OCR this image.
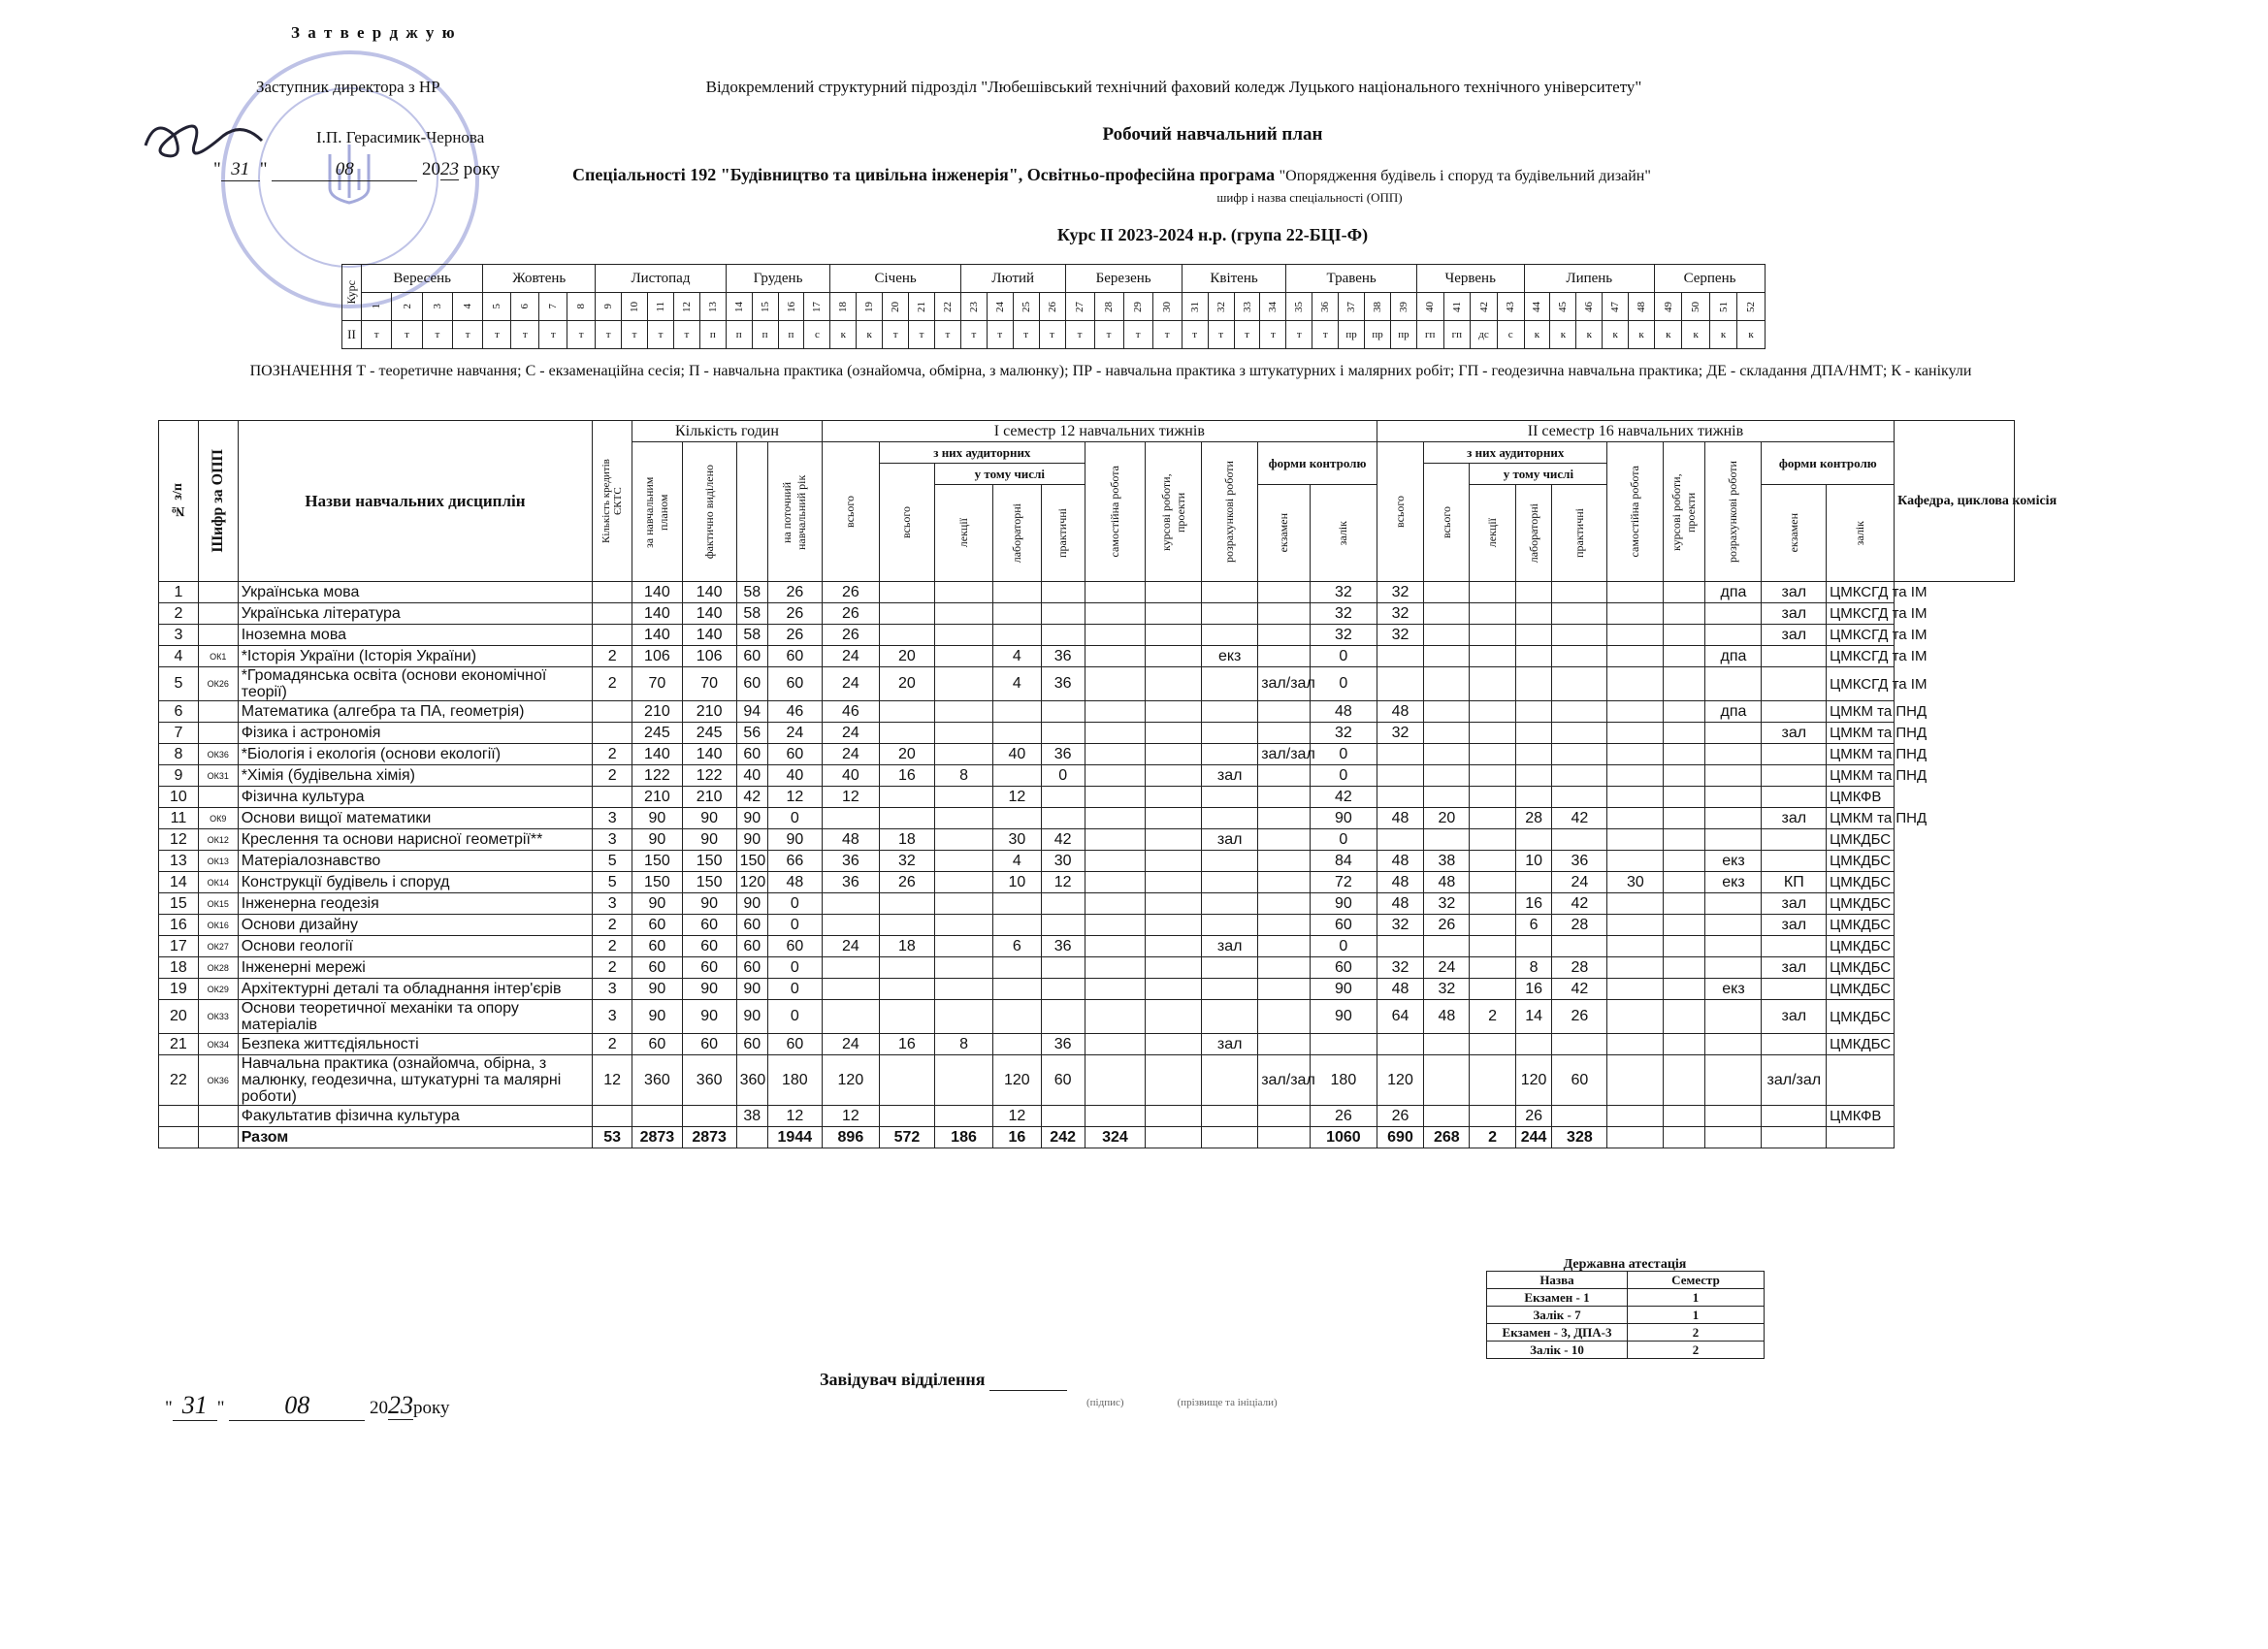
З а т в е р д ж у ю
Заступник директора з НР
І.П. Герасимик-Чернова
" 31 "	08	2023 року
Відокремлений структурний підрозділ "Любешівський технічний фаховий коледж Луцького національного технічного університету"
Робочий навчальний план
Спеціальності 192 "Будівництво та цивільна інженерія", Освітньо-професійна програма "Опорядження будівель і споруд та будівельний дизайн"
шифр і назва спеціальності (ОПП)
Курс ІІ 2023-2024 н.р. (група 22-БЦІ-Ф)
Курс	Вересень				Жовтень				Листопад					Грудень				Січень					Лютий				Березень				Квітень				Травень					Червень				Липень					Серпень			

	1	2	3	4	5	6	7	8	9	10	11	12	13	14	15	16	17	18	19	20	21	22	23	24	25	26	27	28	29	30	31	32	33	34	35	36	37	38	39	40	41	42	43	44	45	46	47	48	49	50	51	52

ІІ	т	т	т	т	т	т	т	т	т	т	т	т	п	п	п	п	с	к	к	т	т	т	т	т	т	т	т	т	т	т	т	т	т	т	т	т	пр	пр	пр	гп	гп	дс	с	к	к	к	к	к	к	к	к	к
ПОЗНАЧЕННЯ Т - теоретичне навчання; С - екзаменаційна сесія; П - навчальна практика (ознайомча, обмірна, з малюнку); ПР - навчальна практика з штукатурних і малярних робіт; ГП - геодезична навчальна практика; ДЕ - складання ДПА/НМТ; К - канікули
№ з/п	Шифр за ОПП	Назви навчальних дисциплін	Кількість кредитів ЄКТС	Кількість годин				І семестр 12 навчальних тижнів										ІІ семестр 16 навчальних тижнів										Кафедра, циклова комісія

				за навчальним планом	фактично виділено		на поточний навчальний рік	всього	з них аудиторних				самостійна робота	курсові роботи, проекти	розрахункові роботи	форми контролю		всього	з них аудиторних				самостійна робота	курсові роботи, проекти	розрахункові роботи	форми контролю		

									всього	у тому числі									всього	у тому числі								

										лекції	лабораторні	практичні				екзамен	залік			лекції	лабораторні	практичні				екзамен	залік	

1		Українська мова		140	140	58	26	26									32	32							дпа	зал	ЦМКСГД та ІМ	
2		Українська література		140	140	58	26	26									32	32								зал	ЦМКСГД та ІМ	
3		Іноземна мова		140	140	58	26	26									32	32								зал	ЦМКСГД та ІМ	
4	ОК1	*Історія України (Історія України)	2	106	106	60	60	24	20		4	36			екз		0								дпа		ЦМКСГД та ІМ	
5	ОК26	*Громадянська освіта (основи економічної теорії)	2	70	70	60	60	24	20		4	36				зал/зал	0										ЦМКСГД та ІМ	
6		Математика (алгебра та ПА, геометрія)		210	210	94	46	46									48	48							дпа		ЦМКМ та ПНД	
7		Фізика і астрономія		245	245	56	24	24									32	32								зал	ЦМКМ та ПНД	
8	ОК36	*Біологія і екологія (основи екології)	2	140	140	60	60	24	20		40	36				зал/зал	0										ЦМКМ та ПНД	
9	ОК31	*Хімія (будівельна хімія)	2	122	122	40	40	40	16	8		0			зал		0										ЦМКМ та ПНД	
10		Фізична культура		210	210	42	12	12			12						42										ЦМКФВ	
11	ОК9	Основи вищої математики	3	90	90	90	0										90	48	20		28	42				зал	ЦМКМ та ПНД	
12	ОК12	Креслення та основи нарисної геометрії**	3	90	90	90	90	48	18		30	42			зал		0										ЦМКДБС	
13	ОК13	Матеріалознавство	5	150	150	150	66	36	32		4	30					84	48	38		10	36			екз		ЦМКДБС	
14	ОК14	Конструкції будівель і споруд	5	150	150	120	48	36	26		10	12					72	48	48			24	30		екз	КП	ЦМКДБС	
15	ОК15	Інженерна геодезія	3	90	90	90	0										90	48	32		16	42				зал	ЦМКДБС	
16	ОК16	Основи дизайну	2	60	60	60	0										60	32	26		6	28				зал	ЦМКДБС	
17	ОК27	Основи геології	2	60	60	60	60	24	18		6	36			зал		0										ЦМКДБС	
18	ОК28	Інженерні мережі	2	60	60	60	0										60	32	24		8	28				зал	ЦМКДБС	
19	ОК29	Архітектурні деталі та обладнання інтер'єрів	3	90	90	90	0										90	48	32		16	42			екз		ЦМКДБС	
20	ОК33	Основи теоретичної механіки та опору матеріалів	3	90	90	90	0										90	64	48	2	14	26				зал	ЦМКДБС	
21	ОК34	Безпека життєдіяльності	2	60	60	60	60	24	16	8		36			зал												ЦМКДБС	
22	ОК36	Навчальна практика (ознайомча, обірна, з малюнку, геодезична, штукатурні та малярні роботи)	12	360	360	360	180	120			120	60				зал/зал	180	120			120	60				зал/зал		
		Факультатив фізична культура				38	12	12			12						26	26			26						ЦМКФВ	
		Разом	53	2873	2873		1944	896	572	186	16	242	324				1060	690	268	2	244	328						
Державна атестація
Назва	Семестр
Екзамен - 1	1
Залік - 7	1
Екзамен - 3, ДПА-3	2
Залік - 10	2
" 31 " 08	2023року
Завідувач відділення
(підпис)                    (прізвище та ініціали)
